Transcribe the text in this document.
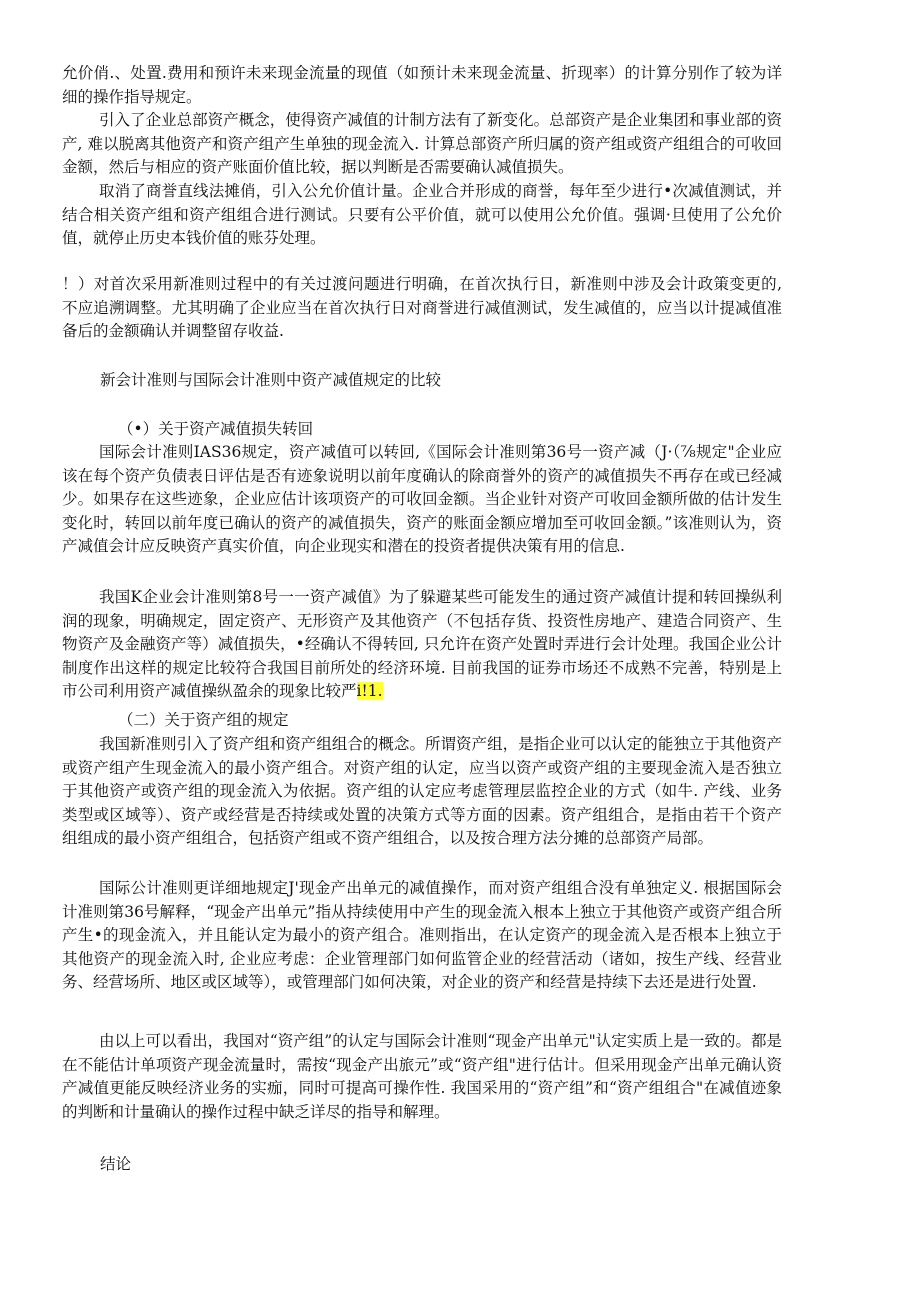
允价俏.、处置.费用和预许未来现金流量的现值（如预计未来现金流量、折现率）的计算分别作了较为详细的操作指导规定。

引入了企业总部资产概念，使得资产减值的计制方法有了新变化。总部资产是企业集团和事业部的资产, 难以脱离其他资产和资产组产生单独的现金流入. 计算总部资产所归属的资产组或资产组组合的可收回金额，然后与相应的资产账面价值比较，据以判断是否需要确认减值损失。

取消了商誉直线法摊俏，引入公允价值计量。企业合并形成的商誉，每年至少进行•次减值测试，并结合相关资产组和资产组组合进行测试。只要有公平价值，就可以使用公允价值。强调·旦使用了公允价值，就停止历史本钱价值的账芬处理。

！）对首次采用新准则过程中的有关过渡问题进行明确，在首次执行日，新准则中涉及会计政策变更的, 不应追溯调整。尤其明确了企业应当在首次执行日对商誉进行减值测试，发生减值的，应当以计提减值准备后的金额确认并调整留存收益.

新会计准则与国际会计准则中资产减值规定的比较

（•）关于资产减值损失转回

国际会计准则IAS36规定，资产减值可以转回,《国际会计准则第36号一资产减（J·（⅞规定"企业应该在每个资产负债表日评估是否有迹象说明以前年度确认的除商誉外的资产的减值损失不再存在或已经减少。如果存在这些迹象，企业应估计该项资产的可收回金额。当企业针对资产可收回金额所做的估计发生变化时，转回以前年度已确认的资产的减值损失，资产的账面金额应增加至可收回金额。”该准则认为，资产减值会计应反映资产真实价值，向企业现实和潜在的投资者提供决策有用的信息.

我国K企业会计准则第8号一一资产减值》为了躲避某些可能发生的通过资产减值计提和转回操纵利润的现象，明确规定，固定资产、无形资产及其他资产（不包括存货、投资性房地产、建造合同资产、生物资产及金融资产等）减值损失，•经确认不得转回, 只允许在资产处置时弄进行会计处理。我国企业公计制度作出这样的规定比较符合我国目前所处的经济环境. 目前我国的证券市场还不成熟不完善，特别是上市公司利用资产减值操纵盈余的现象比较严i!1.

（二）关于资产组的规定

我国新准则引入了资产组和资产组组合的概念。所谓资产组，是指企业可以认定的能独立于其他资产或资产组产生现金流入的最小资产组合。对资产组的认定，应当以资产或资产组的主要现金流入是否独立于其他资产或资产组的现金流入为依据。资产组的认定应考虑管理层监控企业的方式（如牛. 产线、业务类型或区域等）、资产或经营是否持续或处置的决策方式等方面的因素。资产组组合，是指由若干个资产组组成的最小资产组组合，包括资产组或不资产组组合，以及按合理方法分摊的总部资产局部。

国际公计准则更详细地规定J'现金产出单元的减值操作，而对资产组组合没有单独定义. 根据国际会计准则第36号解释，“现金产出单元”指从持续使用中产生的现金流入根本上独立于其他资产或资产组合所产生•的现金流入，并且能认定为最小的资产组合。准则指出，在认定资产的现金流入是否根本上独立于其他资产的现金流入时, 企业应考虑：企业管理部门如何监管企业的经营活动（诸如，按生产线、经营业务、经营场所、地区或区域等），或管理部门如何决策，对企业的资产和经营是持续下去还是进行处置.

由以上可以看出，我国对“资产组”的认定与国际会计准则“现金产出单元"认定实质上是一致的。都是在不能估计单项资产现金流量时，需按“现金产出旅元”或“资产组"进行估计。但采用现金产出单元确认资产减值更能反映经济业务的实痂，同时可提高可操作性. 我国采用的“资产组”和“资产组组合"在减值迹象的判断和计量确认的操作过程中缺乏详尽的指导和解理。

结论
